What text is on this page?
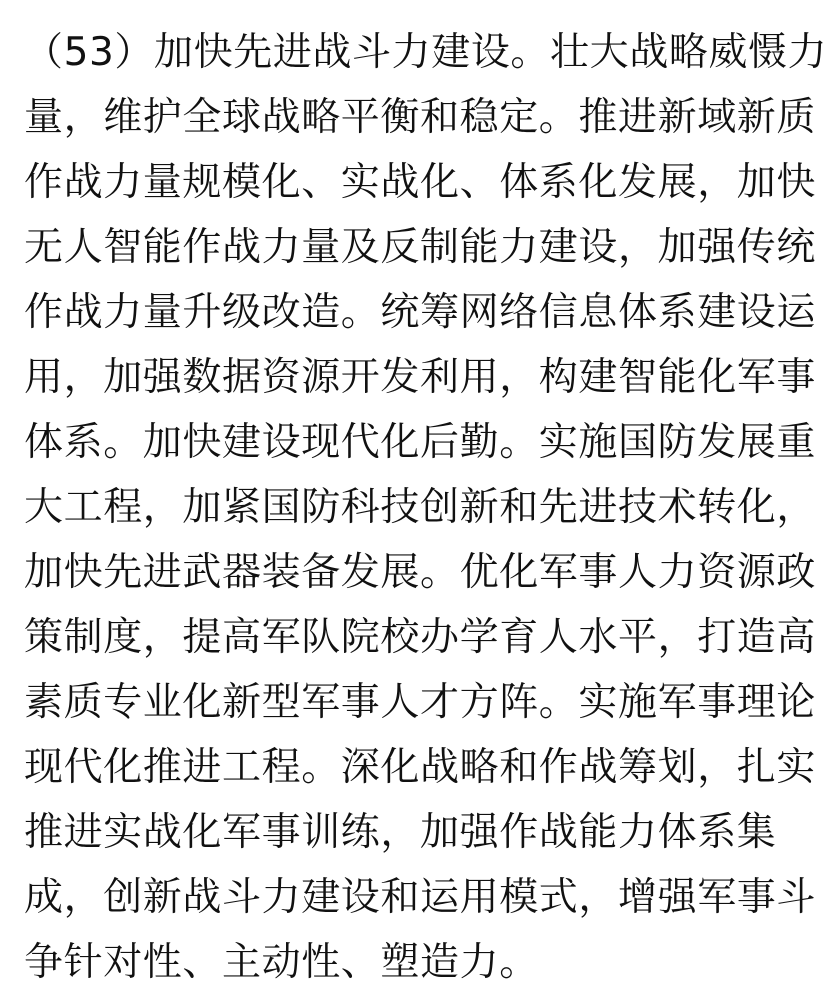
（53）加快先进战斗力建设。壮大战略威慑力
量，维护全球战略平衡和稳定。推进新域新质
作战力量规模化、实战化、体系化发展，加快
无人智能作战力量及反制能力建设，加强传统
作战力量升级改造。统筹网络信息体系建设运
用，加强数据资源开发利用，构建智能化军事
体系。加快建设现代化后勤。实施国防发展重
大工程，加紧国防科技创新和先进技术转化，
加快先进武器装备发展。优化军事人力资源政
策制度，提高军队院校办学育人水平，打造高
素质专业化新型军事人才方阵。实施军事理论
现代化推进工程。深化战略和作战筹划，扎实
推进实战化军事训练，加强作战能力体系集
成，创新战斗力建设和运用模式，增强军事斗
争针对性、主动性、塑造力。
